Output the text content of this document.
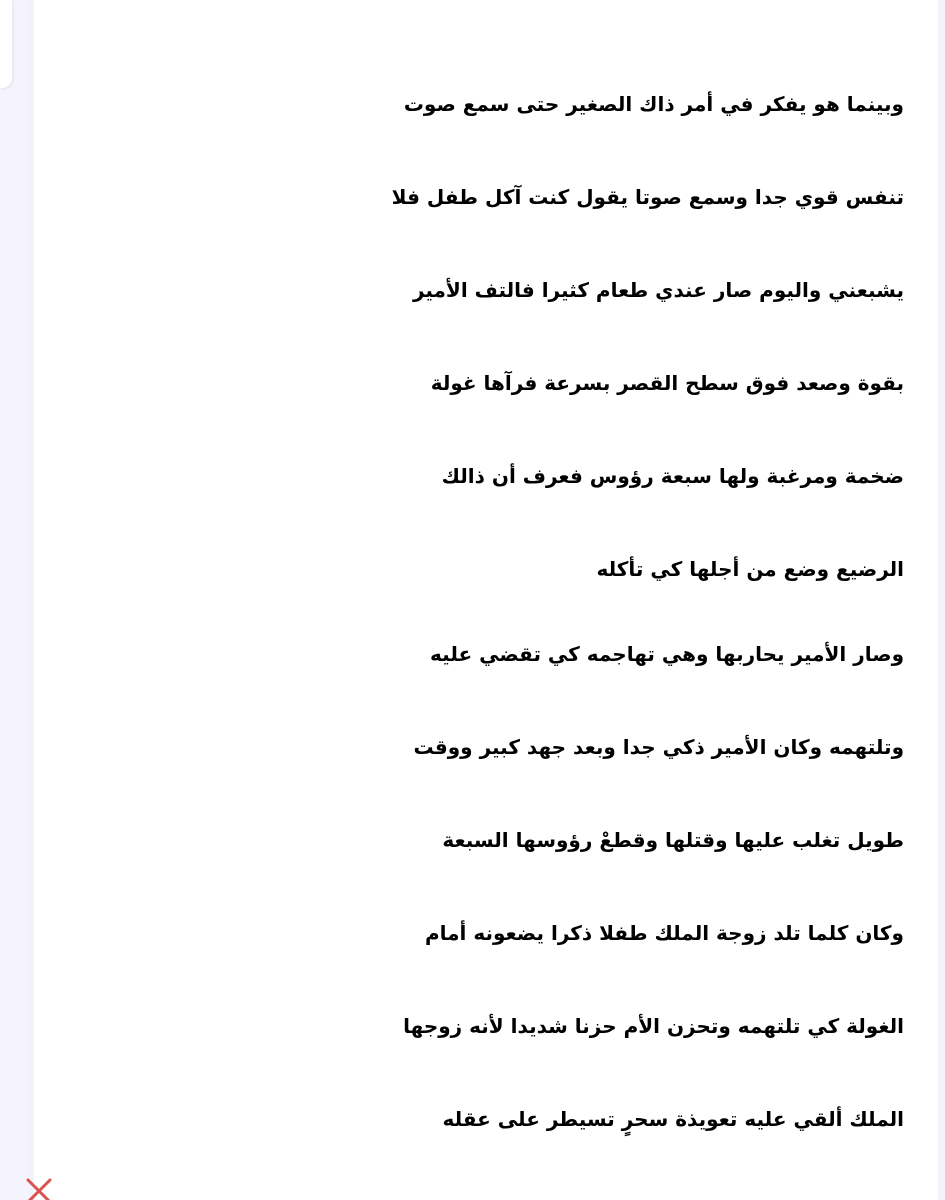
وبينما هو يفكر في أمر ذاك الصغير حتى سمع صوت
تنفس قوي جدا وسمع صوتا يقول كنت آكل طفل فلا
يشبعني واليوم صار عندي طعام كثيرا فالتف الأمير
بقوة وصعد فوق سطح القصر بسرعة فرآها غولة
ضخمة ومرغبة ولها سبعة رؤوس فعرف أن ذالك
الرضيع وضع من أجلها كي تأكله
وصار الأمير يحاربها وهي تهاجمه كي تقضي عليه
وتلتهمه وكان الأمير ذكي جدا وبعد جهد كبير ووقت
طويل تغلب عليها وقتلها وقطعْ رؤوسها السبعة
وكان كلما تلد زوجة الملك طفلا ذكرا يضعونه أمام
الغولة كي تلتهمه وتحزن الأم حزنا شديدا لأنه زوجها
الملك ألقي عليه تعويذة سحرٍ تسيطر على عقله
